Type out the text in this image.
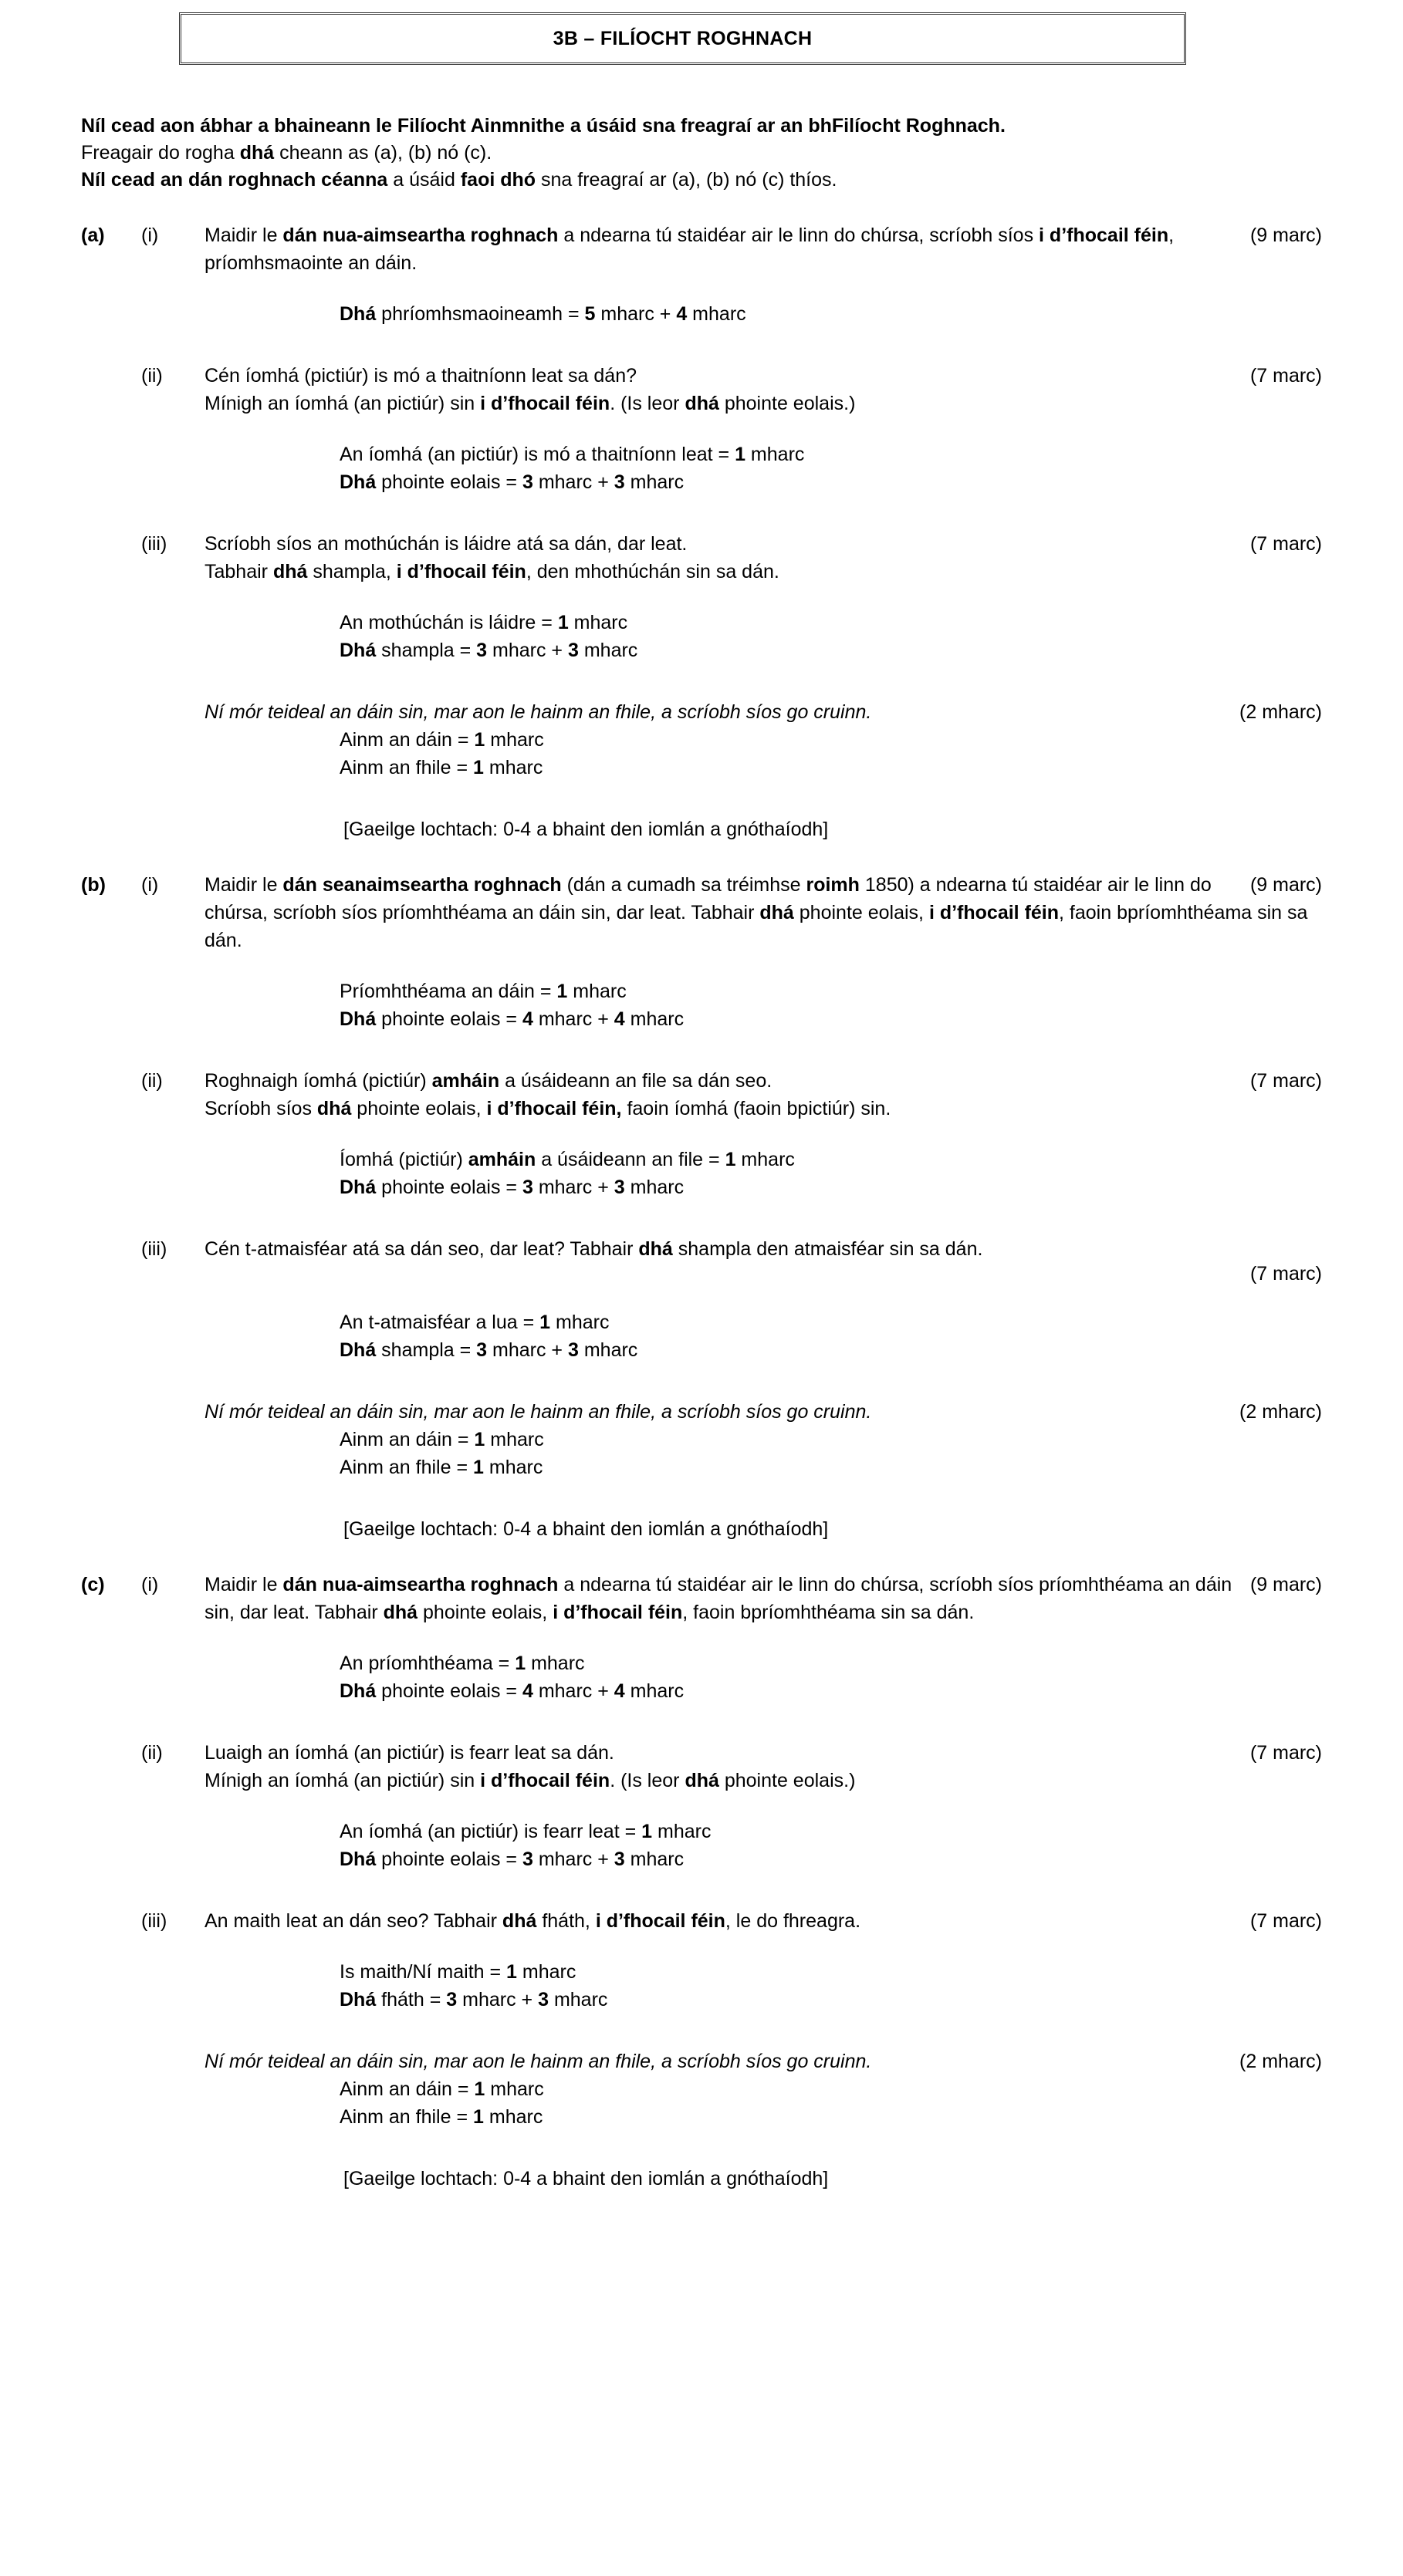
3B – FILÍOCHT ROGHNACH
Níl cead aon ábhar a bhaineann le Filíocht Ainmnithe a úsáid sna freagraí ar an bhFilíocht Roghnach.
Freagair do rogha dhá cheann as (a), (b) nó (c).
Níl cead an dán roghnach céanna a úsáid faoi dhó sna freagraí ar (a), (b) nó (c) thíos.
(a)	(i)	(9 marc)
Maidir le dán nua-aimseartha roghnach a ndearna tú staidéar air le linn do chúrsa, scríobh síos i d’fhocail féin, príomhsmaointe an dáin.
Dhá phríomhsmaoineamh = 5 mharc + 4 mharc
(ii)	(7 marc)
Cén íomhá (pictiúr) is mó a thaitníonn leat sa dán?
Mínigh an íomhá (an pictiúr) sin i d’fhocail féin. (Is leor dhá phointe eolais.)
An íomhá (an pictiúr) is mó a thaitníonn leat = 1 mharc
Dhá phointe eolais = 3 mharc + 3 mharc
(iii)	(7 marc)
Scríobh síos an mothúchán is láidre atá sa dán, dar leat.
Tabhair dhá shampla, i d’fhocail féin, den mhothúchán sin sa dán.
An mothúchán is láidre = 1 mharc
Dhá shampla = 3 mharc + 3 mharc
Ní mór teideal an dáin sin, mar aon le hainm an fhile, a scríobh síos go cruinn.	(2 mharc)
Ainm an dáin = 1 mharc
Ainm an fhile = 1 mharc
[Gaeilge lochtach: 0-4 a bhaint den iomlán a gnóthaíodh]
(b)	(i)	(9 marc)
Maidir le dán seanaimseartha roghnach (dán a cumadh sa tréimhse roimh 1850) a ndearna tú staidéar air le linn do chúrsa, scríobh síos príomhthéama an dáin sin, dar leat. Tabhair dhá phointe eolais, i d’fhocail féin, faoin bpríomhthéama sin sa dán.
Príomhthéama an dáin = 1 mharc
Dhá phointe eolais = 4 mharc + 4 mharc
(ii)	(7 marc)
Roghnaigh íomhá (pictiúr) amháin a úsáideann an file sa dán seo.
Scríobh síos dhá phointe eolais, i d’fhocail féin, faoin íomhá (faoin bpictiúr) sin.
Íomhá (pictiúr) amháin a úsáideann an file = 1 mharc
Dhá phointe eolais = 3 mharc + 3 mharc
(iii)	Cén t-atmaisféar atá sa dán seo, dar leat? Tabhair dhá shampla den atmaisféar sin sa dán.
(7 marc)
An t-atmaisféar a lua = 1 mharc
Dhá shampla = 3 mharc + 3 mharc
Ní mór teideal an dáin sin, mar aon le hainm an fhile, a scríobh síos go cruinn.	(2 mharc)
Ainm an dáin = 1 mharc
Ainm an fhile = 1 mharc
[Gaeilge lochtach: 0-4 a bhaint den iomlán a gnóthaíodh]
(c)	(i)	(9 marc)
Maidir le dán nua-aimseartha roghnach a ndearna tú staidéar air le linn do chúrsa, scríobh síos príomhthéama an dáin sin, dar leat. Tabhair dhá phointe eolais, i d’fhocail féin, faoin bpríomhthéama sin sa dán.
An príomhthéama = 1 mharc
Dhá phointe eolais = 4 mharc + 4 mharc
(ii)	(7 marc)
Luaigh an íomhá (an pictiúr) is fearr leat sa dán.
Mínigh an íomhá (an pictiúr) sin i d’fhocail féin. (Is leor dhá phointe eolais.)
An íomhá (an pictiúr) is fearr leat = 1 mharc
Dhá phointe eolais = 3 mharc + 3 mharc
(iii)	(7 marc)
An maith leat an dán seo? Tabhair dhá fháth, i d’fhocail féin, le do fhreagra.
Is maith/Ní maith = 1 mharc
Dhá fháth = 3 mharc + 3 mharc
Ní mór teideal an dáin sin, mar aon le hainm an fhile, a scríobh síos go cruinn.	(2 mharc)
Ainm an dáin = 1 mharc
Ainm an fhile = 1 mharc
[Gaeilge lochtach: 0-4 a bhaint den iomlán a gnóthaíodh]
